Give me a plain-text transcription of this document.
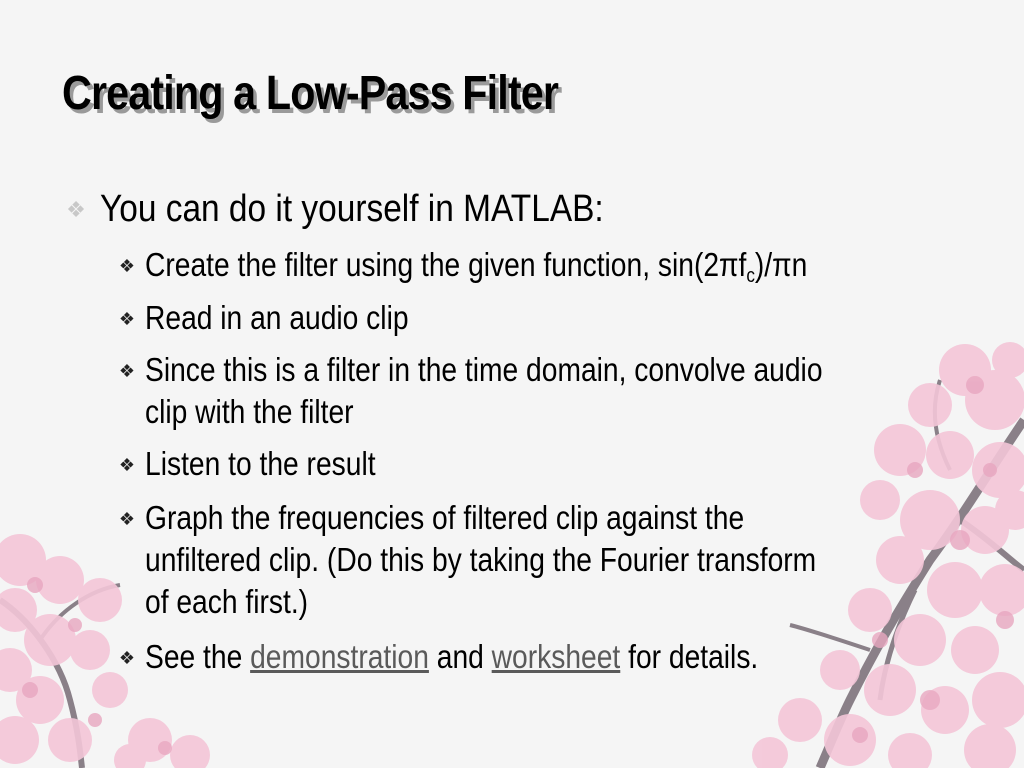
Creating a Low-Pass Filter
❖ You can do it yourself in MATLAB:
❖ Create the filter using the given function, $\sin(2\pi f_c)/\pi n$
❖ Read in an audio clip
❖ Since this is a filter in the time domain, convolve audio
clip with the filter
❖ Listen to the result
❖ Graph the frequencies of filtered clip against the
unfiltered clip. (Do this by taking the Fourier transform
of each first.)
❖ See the demonstration and worksheet for details.
